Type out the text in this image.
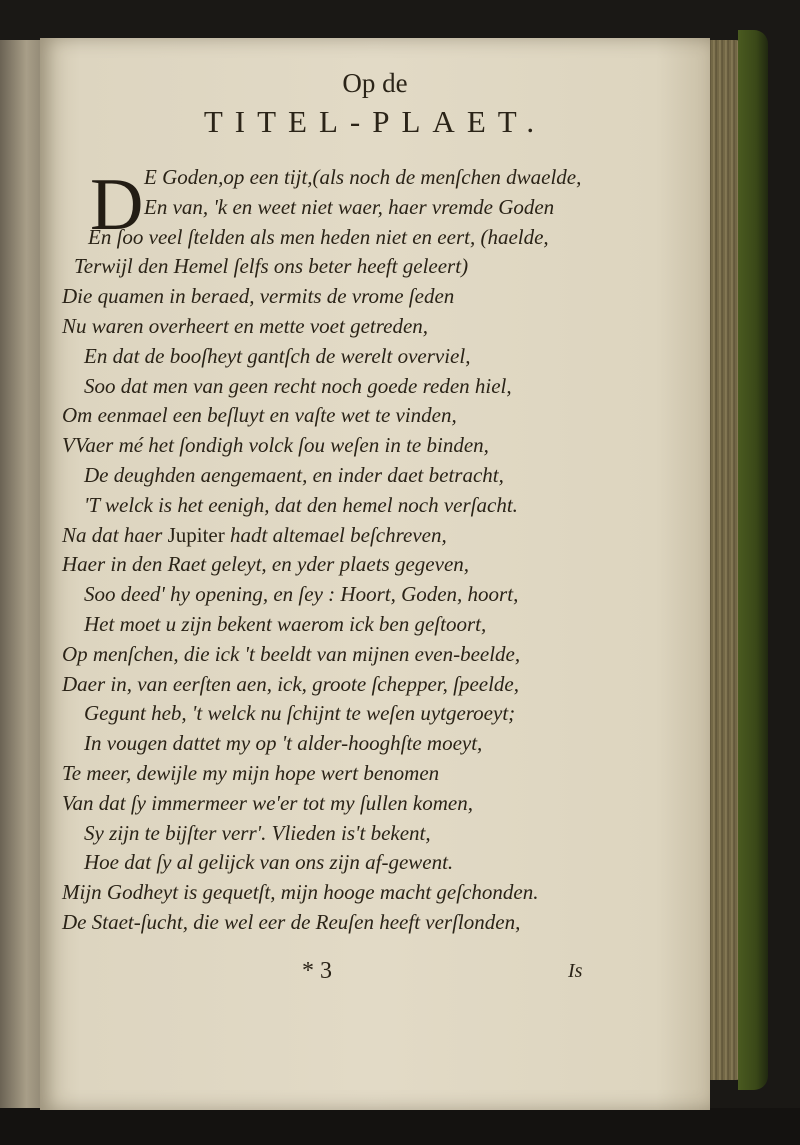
Op de
TITEL-PLAET.
D E Goden,op een tijt,(als noch de menſchen dwaelde,
En van, 'k en weet niet waer, haer vremde Goden
En ſoo veel ſtelden als men heden niet en eert, (haelde,
Terwijl den Hemel ſelfs ons beter heeft geleert)
Die quamen in beraed, vermits de vrome ſeden
Nu waren overheert en mette voet getreden,
En dat de booſheyt gantſch de werelt overviel,
Soo dat men van geen recht noch goede reden hiel,
Om eenmael een beſluyt en vaſte wet te vinden,
VVaer mé het ſondigh volck ſou weſen in te binden,
De deughden aengemaent, en inder daet betracht,
'T welck is het eenigh, dat den hemel noch verſacht.
Na dat haer Jupiter hadt altemael beſchreven,
Haer in den Raet geleyt, en yder plaets gegeven,
Soo deed' hy opening, en ſey : Hoort, Goden, hoort,
Het moet u zijn bekent waerom ick ben geſtoort,
Op menſchen, die ick 't beeldt van mijnen even-beelde,
Daer in, van eerſten aen, ick, groote ſchepper, ſpeelde,
Gegunt heb, 't welck nu ſchijnt te weſen uytgeroeyt;
In vougen dattet my op 't alder-hooghſte moeyt,
Te meer, dewijle my mijn hope wert benomen
Van dat ſy immermeer we'er tot my ſullen komen,
Sy zijn te bijſter verr'. Vlieden is't bekent,
Hoe dat ſy al gelijck van ons zijn af-gewent.
Mijn Godheyt is gequetſt, mijn hooge macht geſchonden.
De Staet-ſucht, die wel eer de Reuſen heeft verſlonden,
* 3	Is
